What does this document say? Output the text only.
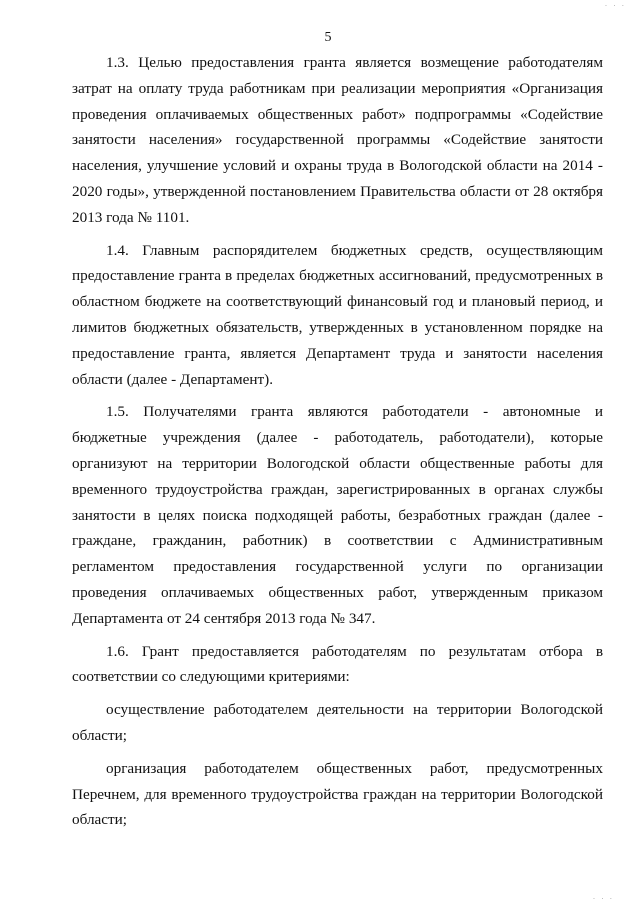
. . .
5

1.3. Целью предоставления гранта является возмещение работодателям затрат на оплату труда работникам при реализации мероприятия «Организация проведения оплачиваемых общественных работ» подпрограммы «Содействие занятости населения» государственной программы «Содействие занятости населения, улучшение условий и охраны труда в Вологодской области на 2014 - 2020 годы», утвержденной постановлением Правительства области от 28 октября 2013 года № 1101.

1.4. Главным распорядителем бюджетных средств, осуществляющим предоставление гранта в пределах бюджетных ассигнований, предусмотренных в областном бюджете на соответствующий финансовый год и плановый период, и лимитов бюджетных обязательств, утвержденных в установленном порядке на предоставление гранта, является Департамент труда и занятости населения области (далее - Департамент).

1.5. Получателями гранта являются работодатели - автономные и бюджетные учреждения (далее - работодатель, работодатели), которые организуют на территории Вологодской области общественные работы для временного трудоустройства граждан, зарегистрированных в органах службы занятости в целях поиска подходящей работы, безработных граждан (далее - граждане, гражданин, работник) в соответствии с Административным регламентом предоставления государственной услуги по организации проведения оплачиваемых общественных работ, утвержденным приказом Департамента от 24 сентября 2013 года № 347.

1.6. Грант предоставляется работодателям по результатам отбора в соответствии со следующими критериями:

осуществление работодателем деятельности на территории Вологодской области;

организация работодателем общественных работ, предусмотренных Перечнем, для временного трудоустройства граждан на территории Вологодской области;

. . .
